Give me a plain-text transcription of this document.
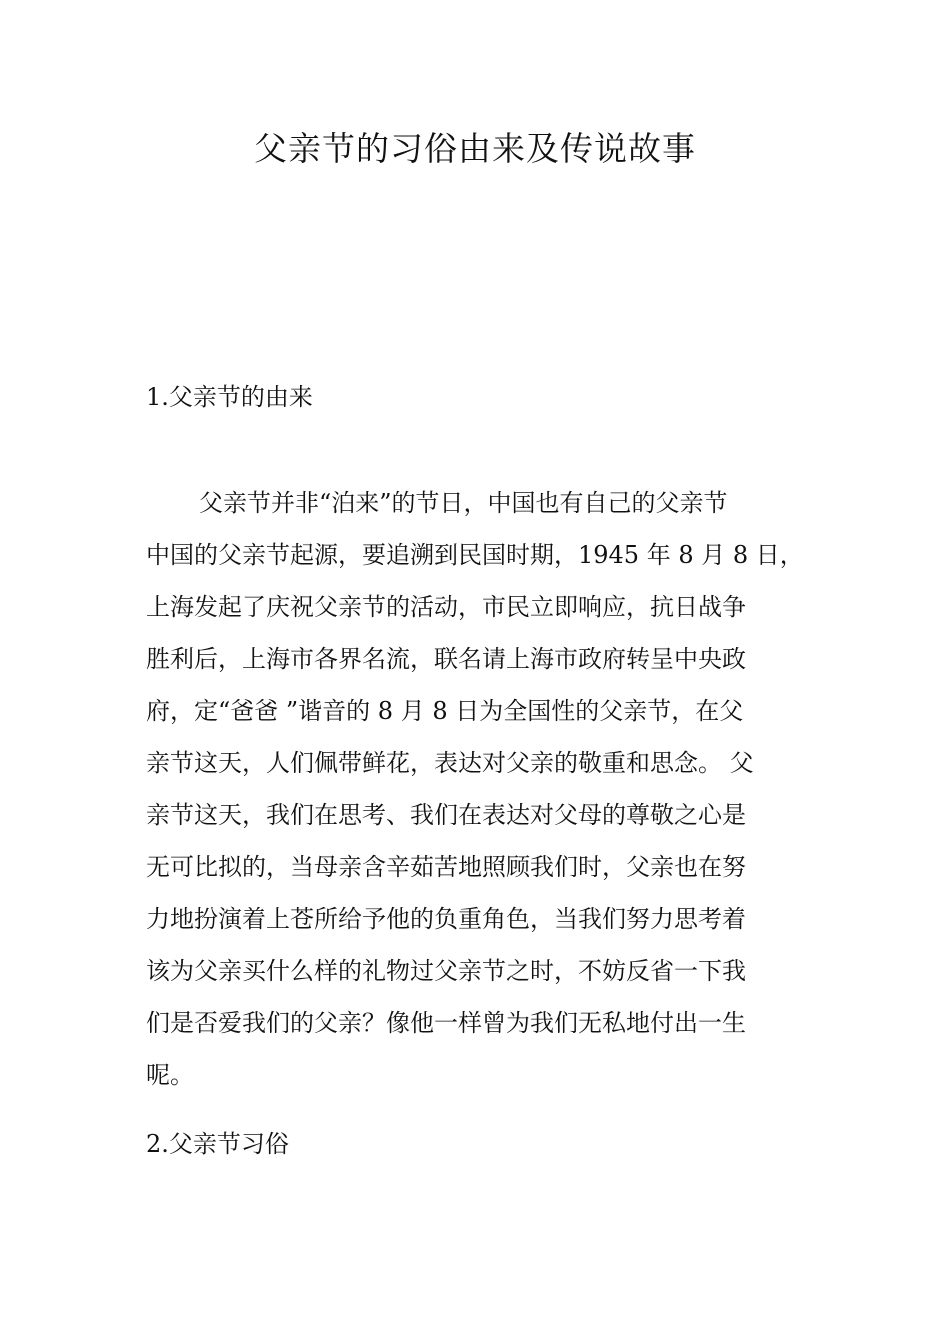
父亲节的习俗由来及传说故事
1.父亲节的由来

父亲节并非“泊来”的节日，中国也有自己的父亲节
中国的父亲节起源，要追溯到民国时期，1945 年 8 月 8 日，
上海发起了庆祝父亲节的活动，市民立即响应，抗日战争
胜利后，上海市各界名流，联名请上海市政府转呈中央政
府，定“爸爸 ”谐音的 8 月 8 日为全国性的父亲节，在父
亲节这天，人们佩带鲜花，表达对父亲的敬重和思念。 父
亲节这天，我们在思考、我们在表达对父母的尊敬之心是
无可比拟的，当母亲含辛茹苦地照顾我们时，父亲也在努
力地扮演着上苍所给予他的负重角色，当我们努力思考着
该为父亲买什么样的礼物过父亲节之时，不妨反省一下我
们是否爱我们的父亲？像他一样曾为我们无私地付出一生
呢。

2.父亲节习俗
